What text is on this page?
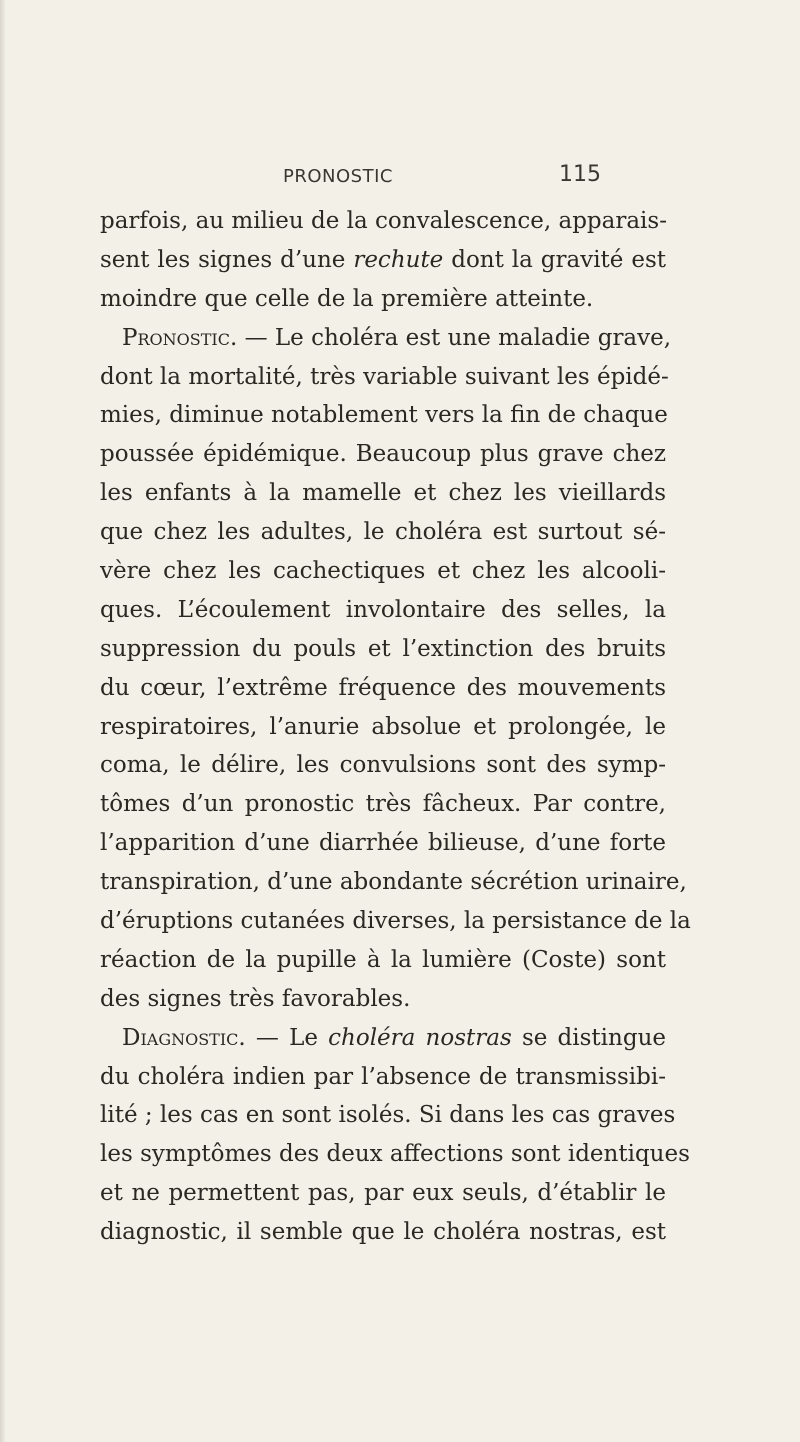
PRONOSTIC	115
parfois, au milieu de la convalescence, apparais-
sent les signes d’une rechute dont la gravité est
moindre que celle de la première atteinte.
Pronostic. — Le choléra est une maladie grave,
dont la mortalité, très variable suivant les épidé-
mies, diminue notablement vers la fin de chaque
poussée épidémique. Beaucoup plus grave chez
les enfants à la mamelle et chez les vieillards
que chez les adultes, le choléra est surtout sé-
vère chez les cachectiques et chez les alcooli-
ques. L’écoulement involontaire des selles, la
suppression du pouls et l’extinction des bruits
du cœur, l’extrême fréquence des mouvements
respiratoires, l’anurie absolue et prolongée, le
coma, le délire, les convulsions sont des symp-
tômes d’un pronostic très fâcheux. Par contre,
l’apparition d’une diarrhée bilieuse, d’une forte
transpiration, d’une abondante sécrétion urinaire,
d’éruptions cutanées diverses, la persistance de la
réaction de la pupille à la lumière (Coste) sont
des signes très favorables.
Diagnostic. — Le choléra nostras se distingue
du choléra indien par l’absence de transmissibi-
lité ; les cas en sont isolés. Si dans les cas graves
les symptômes des deux affections sont identiques
et ne permettent pas, par eux seuls, d’établir le
diagnostic, il semble que le choléra nostras, est
